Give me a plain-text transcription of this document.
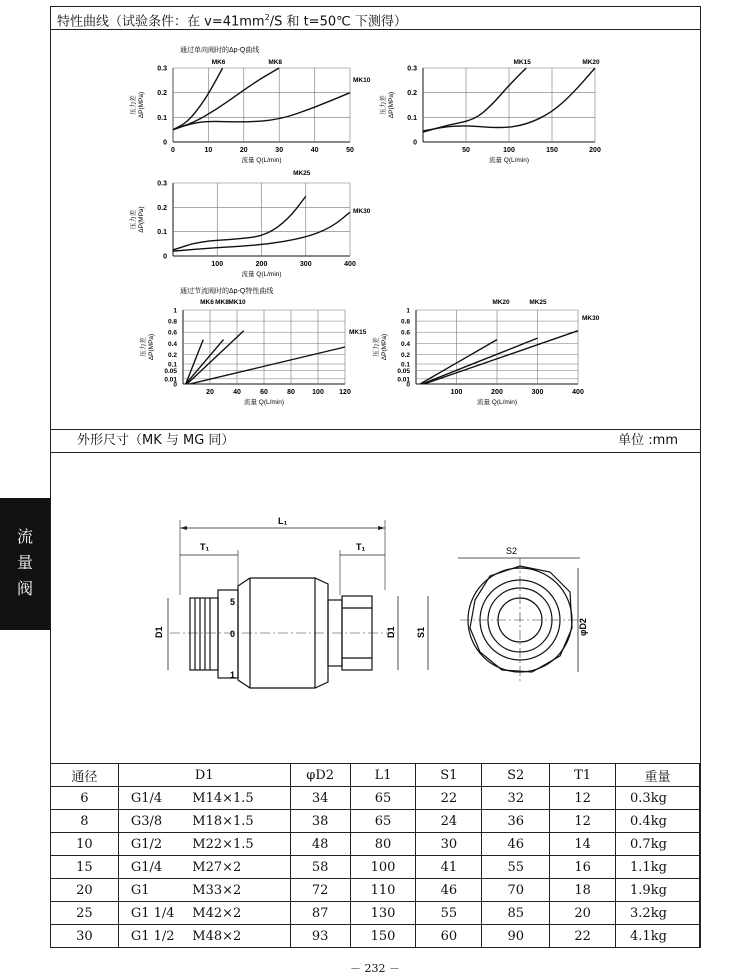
特性曲线（试验条件：在 $v=41mm^2/S$ 和 t=50℃ 下测得）
外形尺寸（MK 与 MG 同）	单位 :mm
流
量
阀
通过单向阀时的Δp-Q曲线
通过节流阀时的Δp-Q特性曲线
0	10	20	30	40	50
0
0.1
0.2
0.3
流量 Q(L/min)
压力差 ΔP(MPa)
MK6	MK8
MK10
50	100	150	200
0
0.1
0.2
0.3
流量 Q(L/min)
压力差 ΔP(MPa)
MK15	MK20
100	200	300	400
0
0.1
0.2
0.3
流量 Q(L/min)
压力差 ΔP(MPa)
MK25
MK30
20	40	60	80 100 120
0
0.01
0.05
0.1
0.2
0.4
0.6
0.8
1
流量 Q(L/min)
压力差 ΔP(MPa)
MK6 MK8 MK10
MK15
100	200	300	400
0
0.01
0.05
0.1
0.2
0.4
0.6
0.8
1
流量 Q(L/min)
压力差 ΔP(MPa)
MK20	MK25
MK30
L₁
T₁	T₁
5
0
1
D1	D1 S1
S2
φD2
通径	D1		φD2	L1	S1	S2	T1	重量
6	G1/4	M14×1.5	34	65	22	32	12	0.3kg
8	G3/8	M18×1.5	38	65	24	36	12	0.4kg
10	G1/2	M22×1.5	48	80	30	46	14	0.7kg
15	G1/4	M27×2	58	100	41	55	16	1.1kg
20	G1	M33×2	72	110	46	70	18	1.9kg
25	G1 1/4	M42×2	87	130	55	85	20	3.2kg
30	G1 1/2	M48×2	93	150	60	90	22	4.1kg
－ 232 －
